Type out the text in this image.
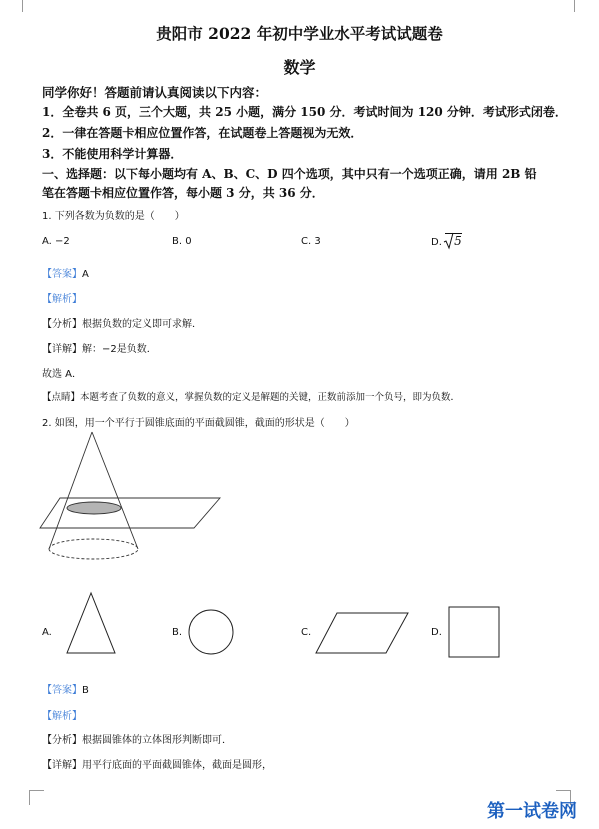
贵阳市 2022 年初中学业水平考试试题卷
数学
同学你好！答题前请认真阅读以下内容：
1．全卷共 6 页，三个大题，共 25 小题，满分 150 分．考试时间为 120 分钟．考试形式闭卷．
2．一律在答题卡相应位置作答，在试题卷上答题视为无效．
3．不能使用科学计算器．
一、选择题：以下每小题均有 A、B、C、D 四个选项，其中只有一个选项正确，请用 2B 铅
笔在答题卡相应位置作答，每小题 3 分，共 36 分．
1. 下列各数为负数的是（　　）
A. −2	B. 0	C. 3	D.
5
【答案】A
【解析】
【分析】根据负数的定义即可求解．
【详解】解：−2是负数．
故选 A．
【点睛】本题考查了负数的意义，掌握负数的定义是解题的关键，正数前添加一个负号，即为负数．
2. 如图，用一个平行于圆锥底面的平面截圆锥，截面的形状是（　　）
A.	B.	C.	D.
【答案】B
【解析】
【分析】根据圆锥体的立体图形判断即可．
【详解】用平行底面的平面截圆锥体，截面是圆形，
第一试卷网
